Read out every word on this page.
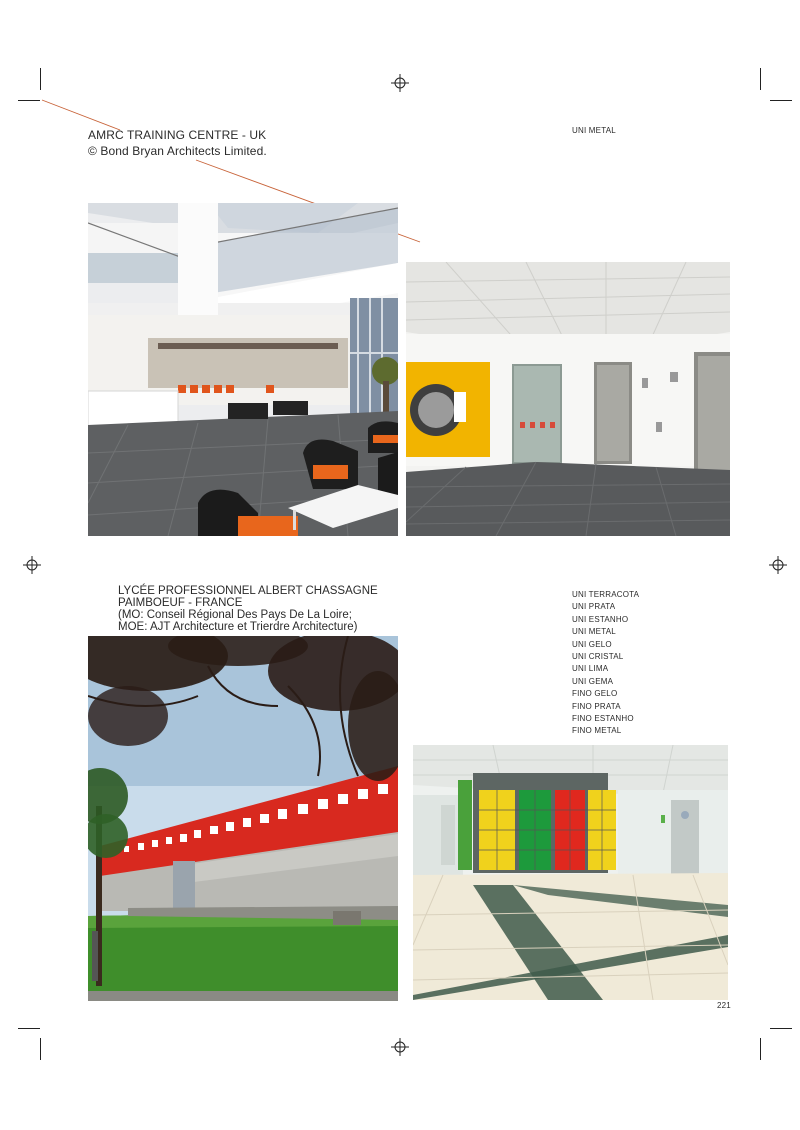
AMRC TRAINING CENTRE - UK
© Bond Bryan Architects Limited.
UNI METAL
LYCÉE PROFESSIONNEL ALBERT CHASSAGNE
PAIMBOEUF - FRANCE
(MO: Conseil Régional Des Pays De La Loire;
MOE: AJT Architecture et Trierdre Architecture)
UNI TERRACOTA
UNI PRATA
UNI ESTANHO
UNI METAL
UNI GELO
UNI CRISTAL
UNI LIMA
UNI GEMA
FINO GELO
FINO PRATA
FINO ESTANHO
FINO METAL
221
